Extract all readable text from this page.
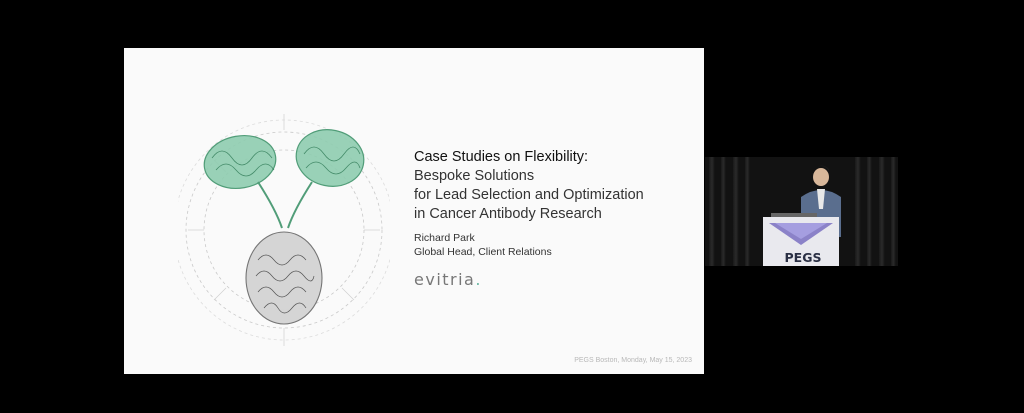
Case Studies on Flexibility:
Bespoke Solutions
for Lead Selection and Optimization
in Cancer Antibody Research
Richard Park
Global Head, Client Relations
evitria.
PEGS Boston, Monday, May 15, 2023
PEGS
